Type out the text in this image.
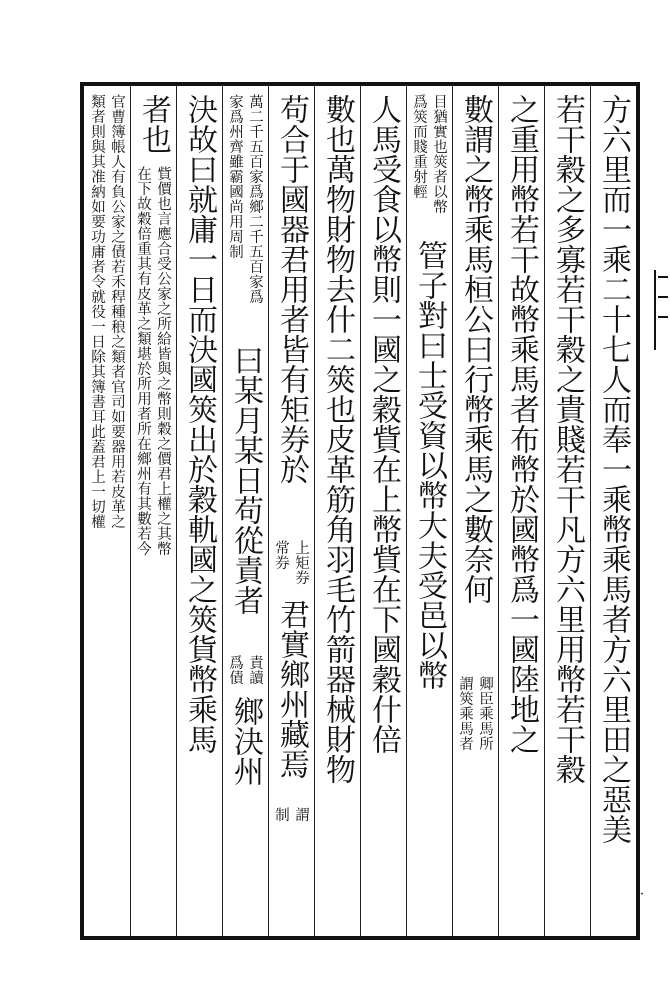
方六里而一乘二十七人而奉一乘幣乘馬者方六里田之惡美
若干穀之多寡若干穀之貴賤若干凡方六里用幣若干穀
之重用幣若干故幣乘馬者布幣於國幣爲一國陸地之
數謂之幣乘馬桓公曰行幣乘馬之數奈何
卿臣乘馬所
謂筴乘馬者
目猶實也筴者以幣
爲筴而賤重射輕
管子對曰士受資以幣大夫受邑以幣
人馬受食以幣則一國之穀貲在上幣貲在下國穀什倍
數也萬物財物去什二筴也皮革筋角羽毛竹箭器械財物
苟合于國器君用者皆有矩券於
上矩券
常券
君實鄉州藏焉
謂
制
萬二千五百家爲鄉二千五百家爲
家爲州齊雖霸國尚用周制
曰某月某日苟從責者
責讀
爲債
鄉決州
決故曰就庸一日而決國筴出於穀軌國之筴貨幣乘馬
者也
貲價也言應合受公家之所給皆與之幣則穀之價君上權之其幣
在下故穀倍重其有皮革之類堪於所用者所在鄉州有其數若今
官曹簿帳人有負公家之債若禾稈種稂之類者官司如要器用若皮革之
類者則與其准納如要功庸者令就役一日除其簿書耳此蓋君上一切權
·
